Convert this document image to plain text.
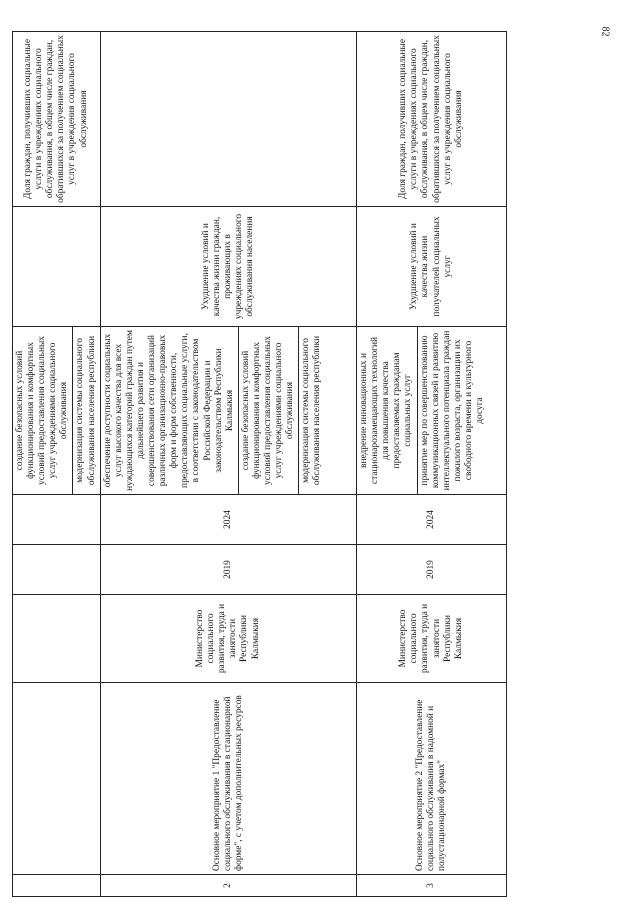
82

					создание безопасных условий функционирования и комфортных условий предоставления социальных услуг учреждениями социального обслуживания модернизация системы социального обслуживания населения республики		Доля граждан, получивших социальные услуги в учреждениях социального обслуживания, в общем числе граждан, обратившихся за получением социальных услуг в учреждения социального обслуживания
2	Основное мероприятие 1 "Предоставление социального обслуживания в стационарной форме", с учетом дополнительных ресурсов	Министерство социального развития, труда и занятости Республики Калмыкия	2019	2024	обеспечение доступности социальных услуг высокого качества для всех нуждающихся категорий граждан путем дальнейшего развития и совершенствования сети организаций различных организационно-правовых форм и форм собственности, предоставляющих социальные услуги, в соответствии с законодательством Российской Федерации и законодательством Республики Калмыкия создание безопасных условий функционирования и комфортных условий предоставления социальных услуг учреждениями социального обслуживания модернизация системы социального обслуживания населения республики	Ухудшение условий и качества жизни граждан, проживающих в учреждениях социального обслуживания населения	
3	Основное мероприятие 2 "Предоставление социального обслуживания в надомной и полустационарной формах"	Министерство социального развития, труда и занятости Республики Калмыкия	2019	2024	внедрение инновационных и стационарозамещающих технологий для повышения качества предоставляемых гражданам социальных услуг принятие мер по совершенствованию коммуникационных связей и развитию интеллектуального потенциала граждан пожилого возраста, организации их свободного времени и культурного досуга	Ухудшение условий и качества жизни получателей социальных услуг	Доля граждан, получивших социальные услуги в учреждениях социального обслуживания, в общем числе граждан, обратившихся за получением социальных услуг в учреждения социального обслуживания
